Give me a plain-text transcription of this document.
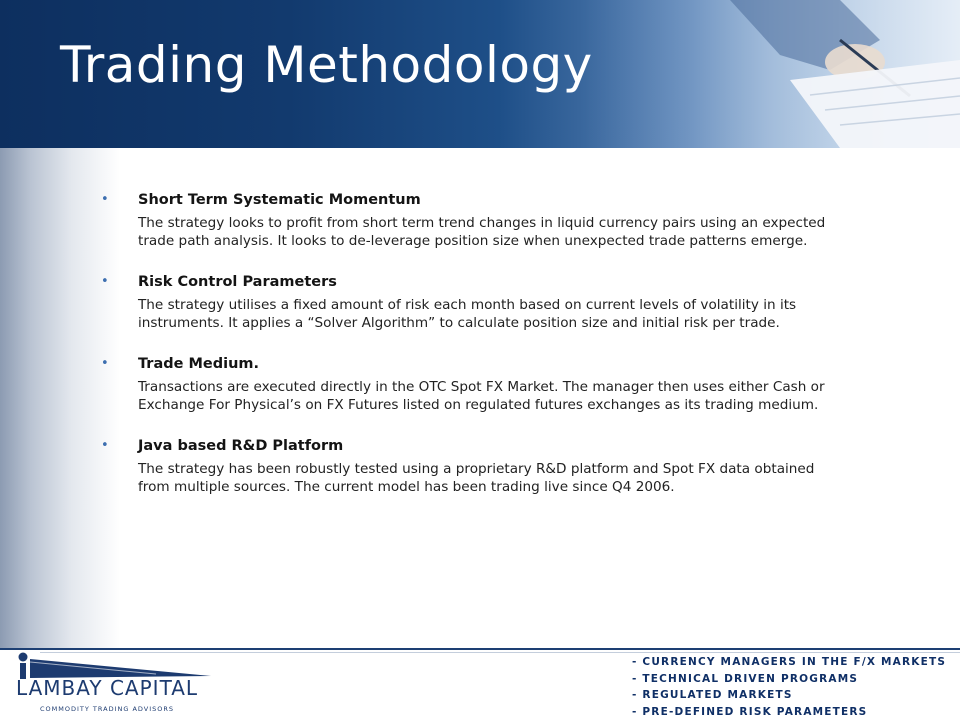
Trading Methodology
• Short Term Systematic Momentum
The strategy looks to profit from short term trend changes in liquid currency pairs using an expected trade path analysis. It looks to de-leverage position size when unexpected trade patterns emerge.
• Risk Control Parameters
The strategy utilises a fixed amount of risk each month based on current levels of volatility in its instruments. It applies a “Solver Algorithm” to calculate position size and initial risk per trade.
• Trade Medium.
Transactions are executed directly in the OTC Spot FX Market. The manager then uses either Cash or Exchange For Physical’s on FX Futures listed on regulated futures exchanges as its trading medium.
• Java based R&D Platform
The strategy has been robustly tested using a proprietary R&D platform and Spot FX data obtained from multiple sources. The current model has been trading live since Q4 2006.
LAMBAY CAPITAL
COMMODITY TRADING ADVISORS
- CURRENCY MANAGERS IN THE F/X MARKETS
- TECHNICAL DRIVEN PROGRAMS
- REGULATED MARKETS
- PRE-DEFINED RISK PARAMETERS
